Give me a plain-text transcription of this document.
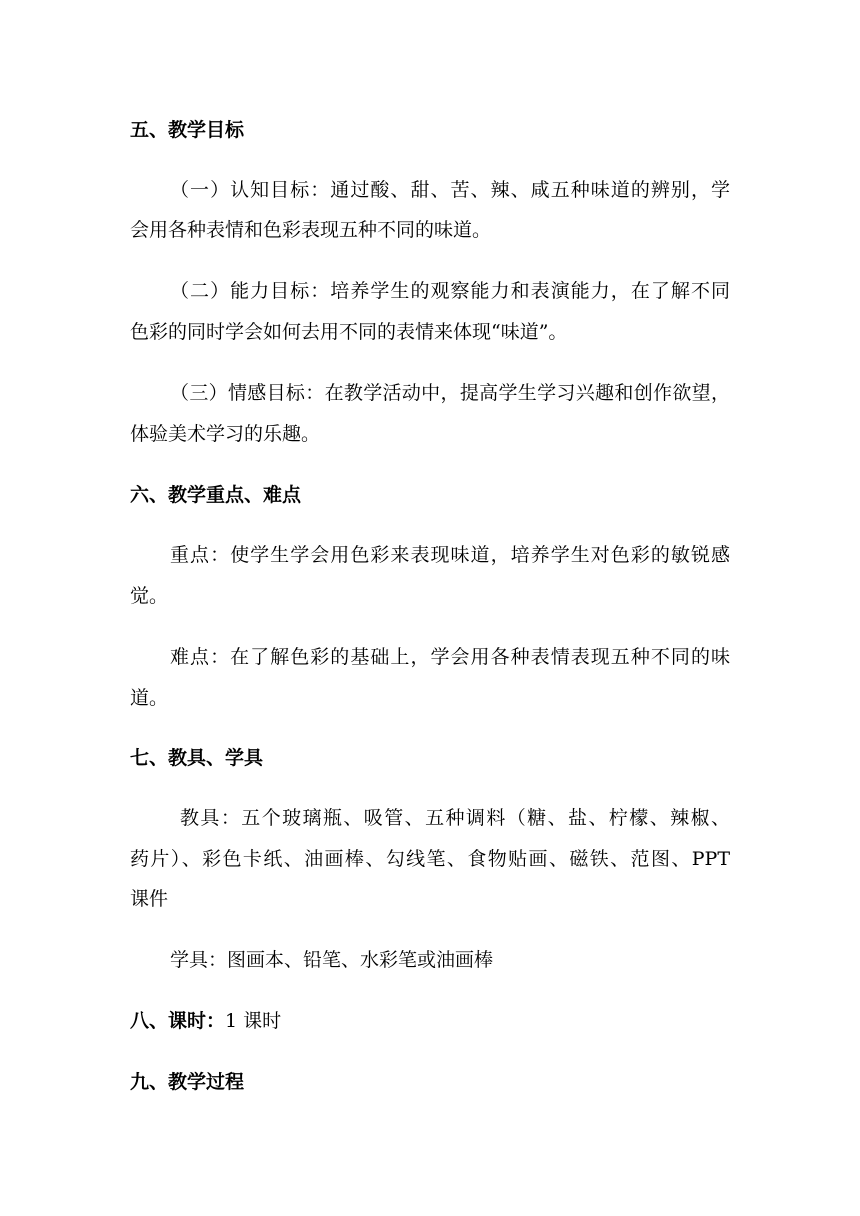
五、教学目标
（一）认知目标：通过酸、甜、苦、辣、咸五种味道的辨别，学
会用各种表情和色彩表现五种不同的味道。
（二）能力目标：培养学生的观察能力和表演能力，在了解不同
色彩的同时学会如何去用不同的表情来体现“味道”。
（三）情感目标：在教学活动中，提高学生学习兴趣和创作欲望，
体验美术学习的乐趣。
六、教学重点、难点
重点：使学生学会用色彩来表现味道，培养学生对色彩的敏锐感
觉。
难点：在了解色彩的基础上，学会用各种表情表现五种不同的味
道。
七、教具、学具
教具：五个玻璃瓶、吸管、五种调料（糖、盐、柠檬、辣椒、
药片）、彩色卡纸、油画棒、勾线笔、食物贴画、磁铁、范图、PPT
课件
学具：图画本、铅笔、水彩笔或油画棒
八、课时：1 课时
九、教学过程
